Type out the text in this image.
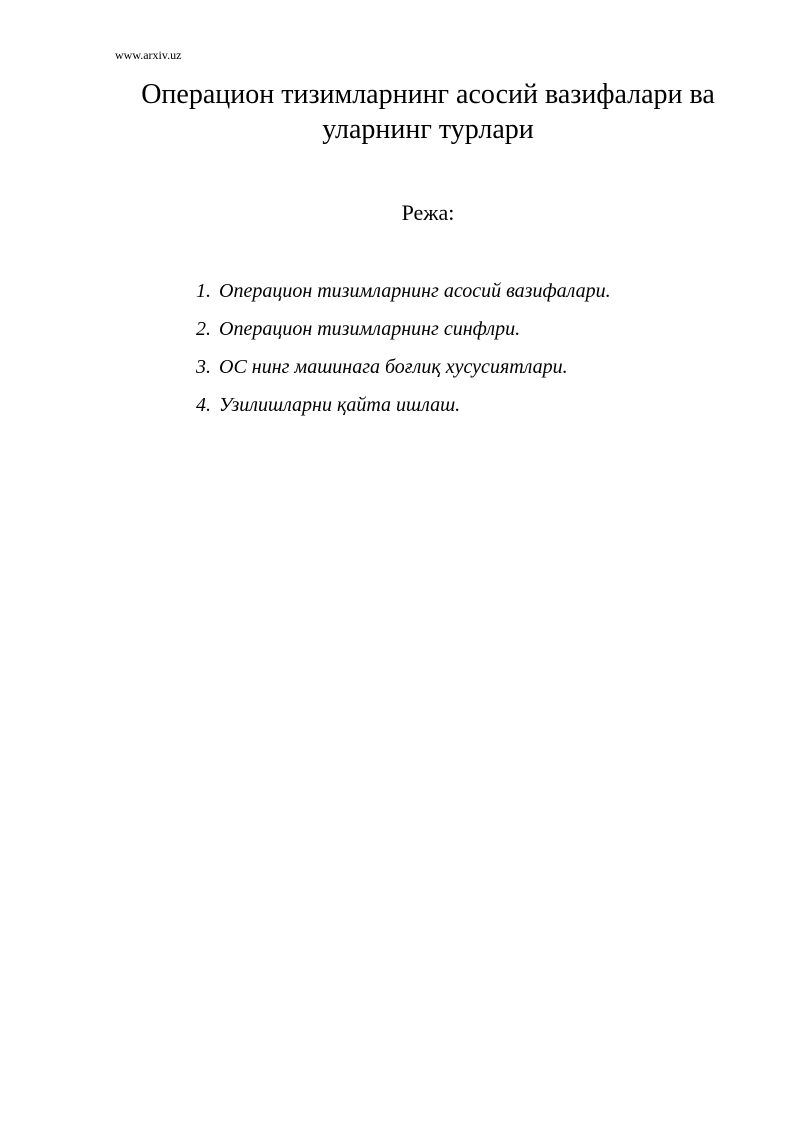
www.arxiv.uz
Операцион тизимларнинг асосий вазифалари ва
уларнинг турлари
Режа:
1. Операцион тизимларнинг асосий вазифалари.
2. Операцион тизимларнинг синфлри.
3. ОС нинг машинага боғлиқ хусусиятлари.
4. Узилишларни қайта ишлаш.
